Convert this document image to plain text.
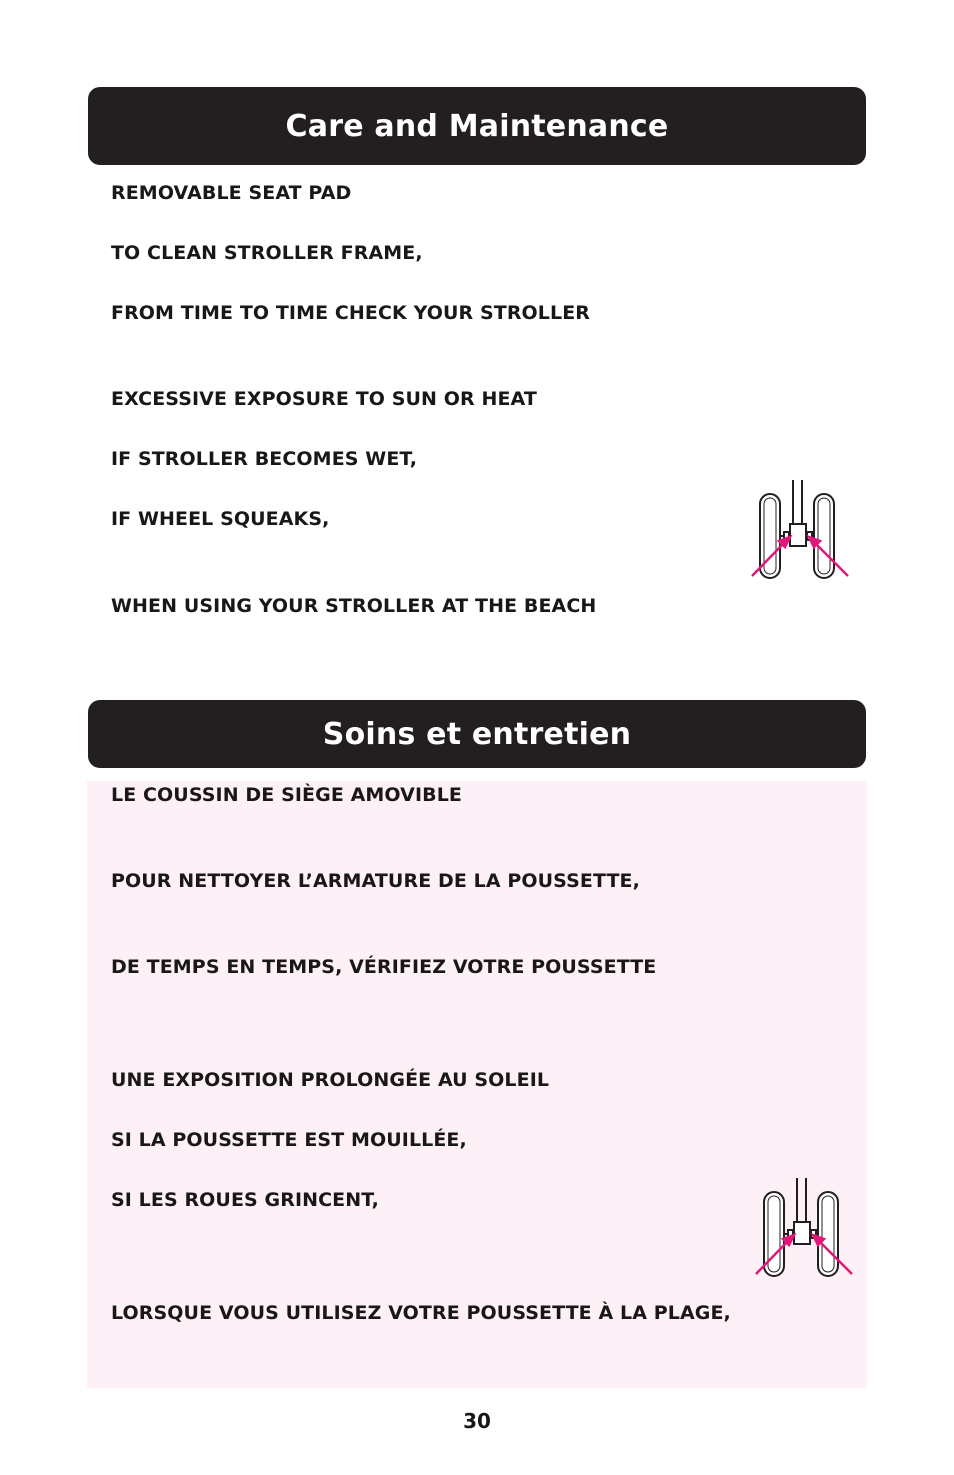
Care and Maintenance
REMOVABLE SEAT PAD
TO CLEAN STROLLER FRAME,
FROM TIME TO TIME CHECK YOUR STROLLER
EXCESSIVE EXPOSURE TO SUN OR HEAT
IF STROLLER BECOMES WET,
IF WHEEL SQUEAKS,
WHEN USING YOUR STROLLER AT THE BEACH
Soins et entretien
LE COUSSIN DE SIÈGE AMOVIBLE
POUR NETTOYER L’ARMATURE DE LA POUSSETTE,
DE TEMPS EN TEMPS, VÉRIFIEZ VOTRE POUSSETTE
UNE EXPOSITION PROLONGÉE AU SOLEIL
SI LA POUSSETTE EST MOUILLÉE,
SI LES ROUES GRINCENT,
LORSQUE VOUS UTILISEZ VOTRE POUSSETTE À LA PLAGE,
30
